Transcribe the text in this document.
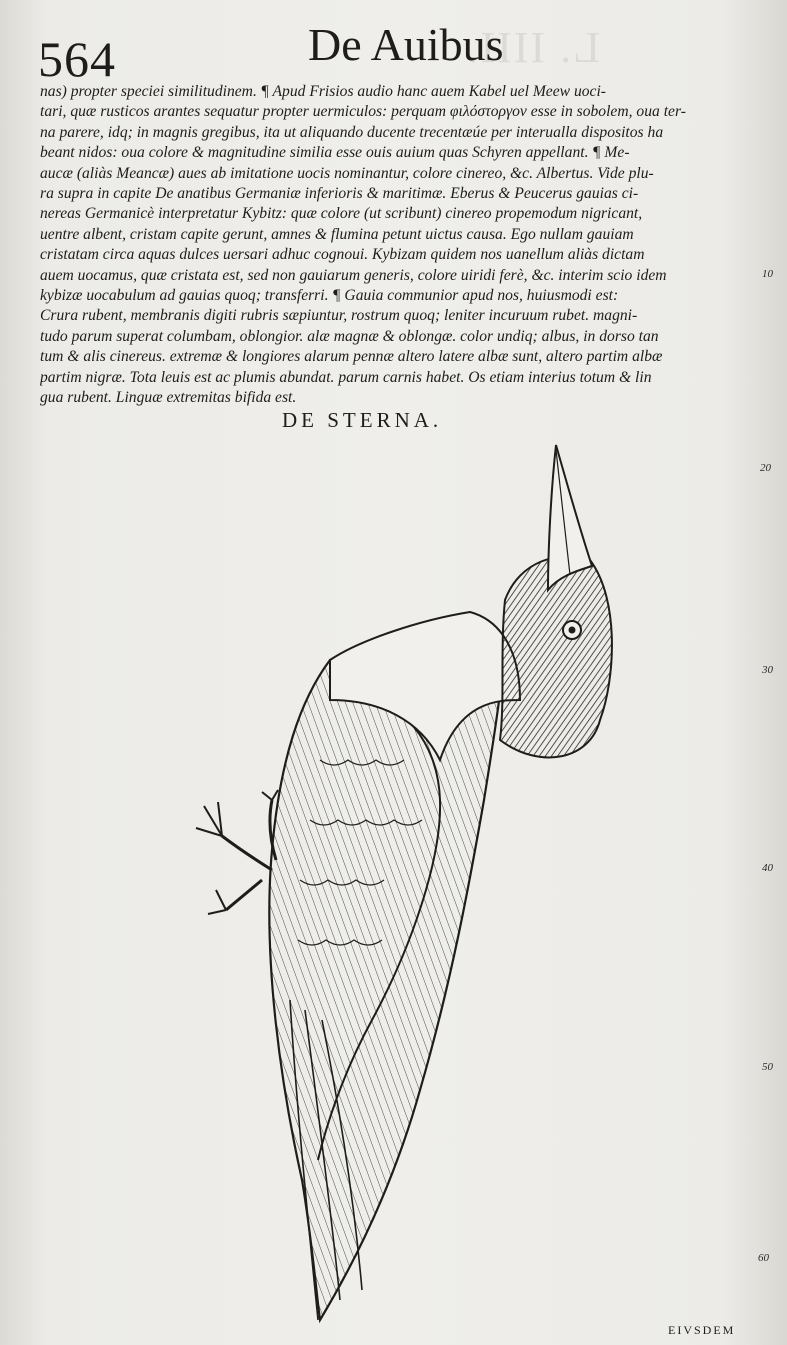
L. IIII.
564	De Auibus
nas) propter speciei similitudinem. ¶ Apud Frisios audio hanc auem Kabel uel Meew uoci-
tari, quæ rusticos arantes sequatur propter uermiculos: perquam φιλόστοργον esse in sobolem, oua ter-
na parere, idq; in magnis gregibus, ita ut aliquando ducente trecentæúe per interualla dispositos ha
beant nidos: oua colore & magnitudine similia esse ouis auium quas Schyren appellant. ¶ Me-
aucæ (aliàs Meancæ) aues ab imitatione uocis nominantur, colore cinereo, &c. Albertus. Vide plu-
ra supra in capite De anatibus Germaniæ inferioris & maritimæ. Eberus & Peucerus gauias ci-
nereas Germanicè interpretatur Kybitz: quæ colore (ut scribunt) cinereo propemodum nigricant,
uentre albent, cristam capite gerunt, amnes & flumina petunt uictus causa. Ego nullam gauiam
cristatam circa aquas dulces uersari adhuc cognoui. Kybizam quidem nos uanellum aliàs dictam
auem uocamus, quæ cristata est, sed non gauiarum generis, colore uiridi ferè, &c. interim scio idem
kybizæ uocabulum ad gauias quoq; transferri. ¶ Gauia communior apud nos, huiusmodi est:
Crura rubent, membranis digiti rubris sæpiuntur, rostrum quoq; leniter incuruum rubet. magni-
tudo parum superat columbam, oblongior. alæ magnæ & oblongæ. color undiq; albus, in dorso tan
tum & alis cinereus. extremæ & longiores alarum pennæ altero latere albæ sunt, altero partim albæ
partim nigræ. Tota leuis est ac plumis abundat. parum carnis habet. Os etiam interius totum & lin
gua rubent. Linguæ extremitas bifida est.
DE STERNA.
10
20
30
40
50
60
EIVSDEM
